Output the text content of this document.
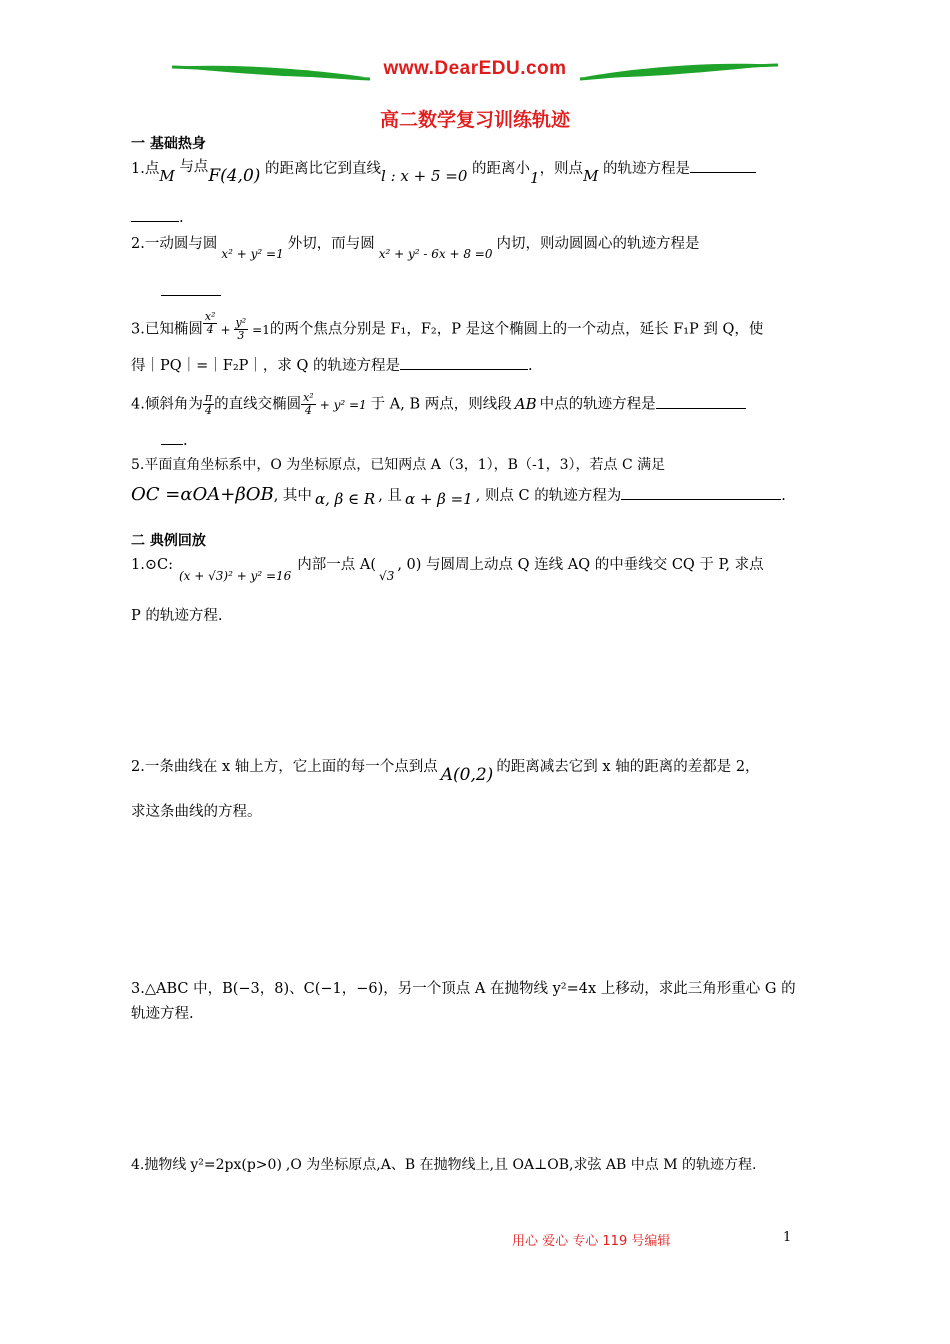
www.DearEDU.com
高二数学复习训练轨迹
一 基础热身
1.点M 与点F(4,0) 的距离比它到直线l : x + 5 =0 的距离小1，则点M 的轨迹方程是
.
2.一动圆与圆$_{x^2 + y^2 =1}$外切，而与圆$_{x^2 + y^2 - 6x + 8 =0}$内切，则动圆圆心的轨迹方程是
3.已知椭圆 $\frac{\text{x²}}{4} + \frac{\text{y²}}{3} =1$的两个焦点分别是 F₁，F₂，P 是这个椭圆上的一个动点，延长 F₁P 到 Q，使
得｜PQ｜=｜F₂P｜，求 Q 的轨迹方程是	.
4.倾斜角为 $\frac{\pi}{4}$ 的直线交椭圆 $\frac{\text{x²}}{4} + y^2 =1$ 于 A, B 两点，则线段 AB 中点的轨迹方程是
.
5.平面直角坐标系中，O 为坐标原点，已知两点 A（3，1），B（-1，3），若点 C 满足
OC =αOA+βOB, 其中 α, β ∈ R , 且 α + β =1 , 则点 C 的轨迹方程为	.
二 典例回放
$1.⊙C:_{(x + √3)^2 + y^2 =16}$内部一点 $A(_{√3}$, 0) 与圆周上动点 Q 连线 AQ 的中垂线交 CQ 于 P, 求点
P 的轨迹方程.
2.一条曲线在 x 轴上方，它上面的每一个点到点 A(0,2) 的距离减去它到 x 轴的距离的差都是 2，
求这条曲线的方程。
3.△ABC 中，B(−3，8)、C(−1，−6)，另一个顶点 A 在抛物线 y²=4x 上移动，求此三角形重心 G 的
轨迹方程.
4.抛物线 y²=2px(p>0) ,O 为坐标原点,A、B 在抛物线上,且 OA⊥OB,求弦 AB 中点 M 的轨迹方程.
用心 爱心 专心 119 号编辑	1
